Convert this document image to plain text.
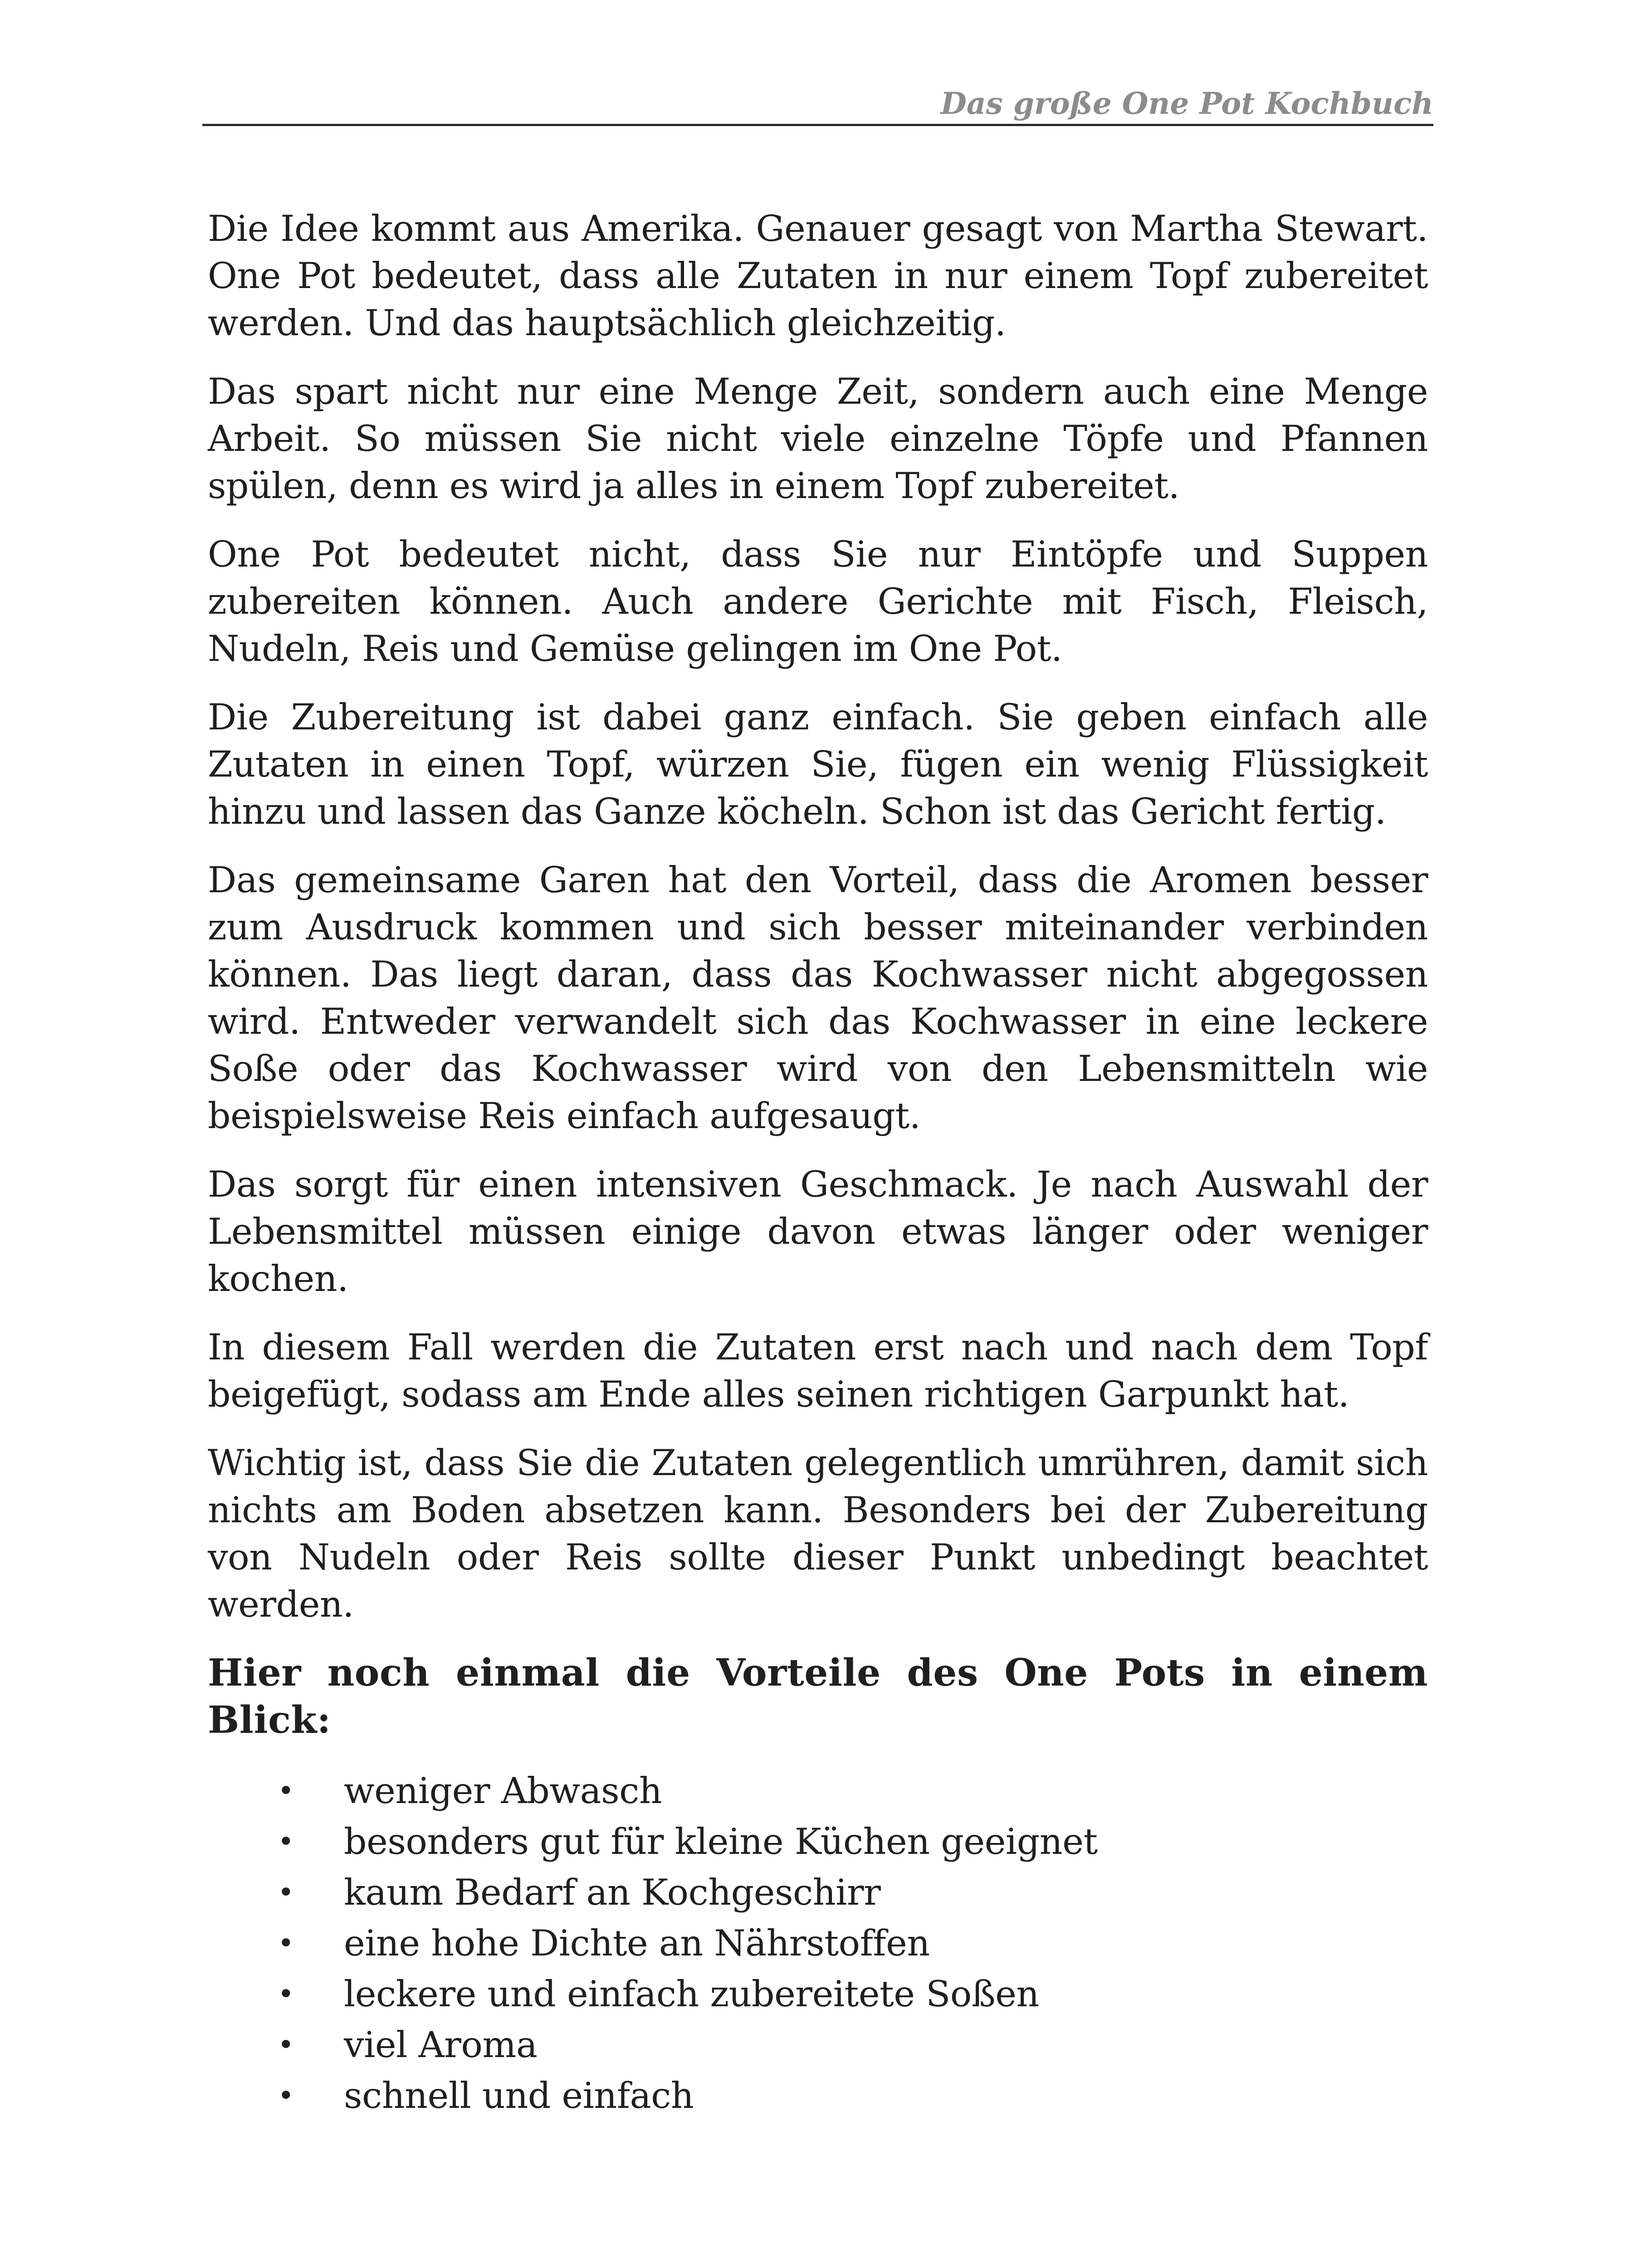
Das große One Pot Kochbuch

Die Idee kommt aus Amerika. Genauer gesagt von Martha Stewart. One Pot bedeutet, dass alle Zutaten in nur einem Topf zubereitet werden. Und das hauptsächlich gleichzeitig.

Das spart nicht nur eine Menge Zeit, sondern auch eine Menge Arbeit. So müssen Sie nicht viele einzelne Töpfe und Pfannen spülen, denn es wird ja alles in einem Topf zubereitet.

One Pot bedeutet nicht, dass Sie nur Eintöpfe und Suppen zubereiten können. Auch andere Gerichte mit Fisch, Fleisch, Nudeln, Reis und Gemüse gelingen im One Pot.

Die Zubereitung ist dabei ganz einfach. Sie geben einfach alle Zutaten in einen Topf, würzen Sie, fügen ein wenig Flüssigkeit hinzu und lassen das Ganze köcheln. Schon ist das Gericht fertig.

Das gemeinsame Garen hat den Vorteil, dass die Aromen besser zum Ausdruck kommen und sich besser miteinander verbinden können. Das liegt daran, dass das Kochwasser nicht abgegossen wird. Entweder verwandelt sich das Kochwasser in eine leckere Soße oder das Kochwasser wird von den Lebensmitteln wie beispielsweise Reis einfach aufgesaugt.

Das sorgt für einen intensiven Geschmack. Je nach Auswahl der Lebensmittel müssen einige davon etwas länger oder weniger kochen.

In diesem Fall werden die Zutaten erst nach und nach dem Topf beigefügt, sodass am Ende alles seinen richtigen Garpunkt hat.

Wichtig ist, dass Sie die Zutaten gelegentlich umrühren, damit sich nichts am Boden absetzen kann. Besonders bei der Zubereitung von Nudeln oder Reis sollte dieser Punkt unbedingt beachtet werden.

Hier noch einmal die Vorteile des One Pots in einem Blick:
• weniger Abwasch
• besonders gut für kleine Küchen geeignet
• kaum Bedarf an Kochgeschirr
• eine hohe Dichte an Nährstoffen
• leckere und einfach zubereitete Soßen
• viel Aroma
• schnell und einfach
